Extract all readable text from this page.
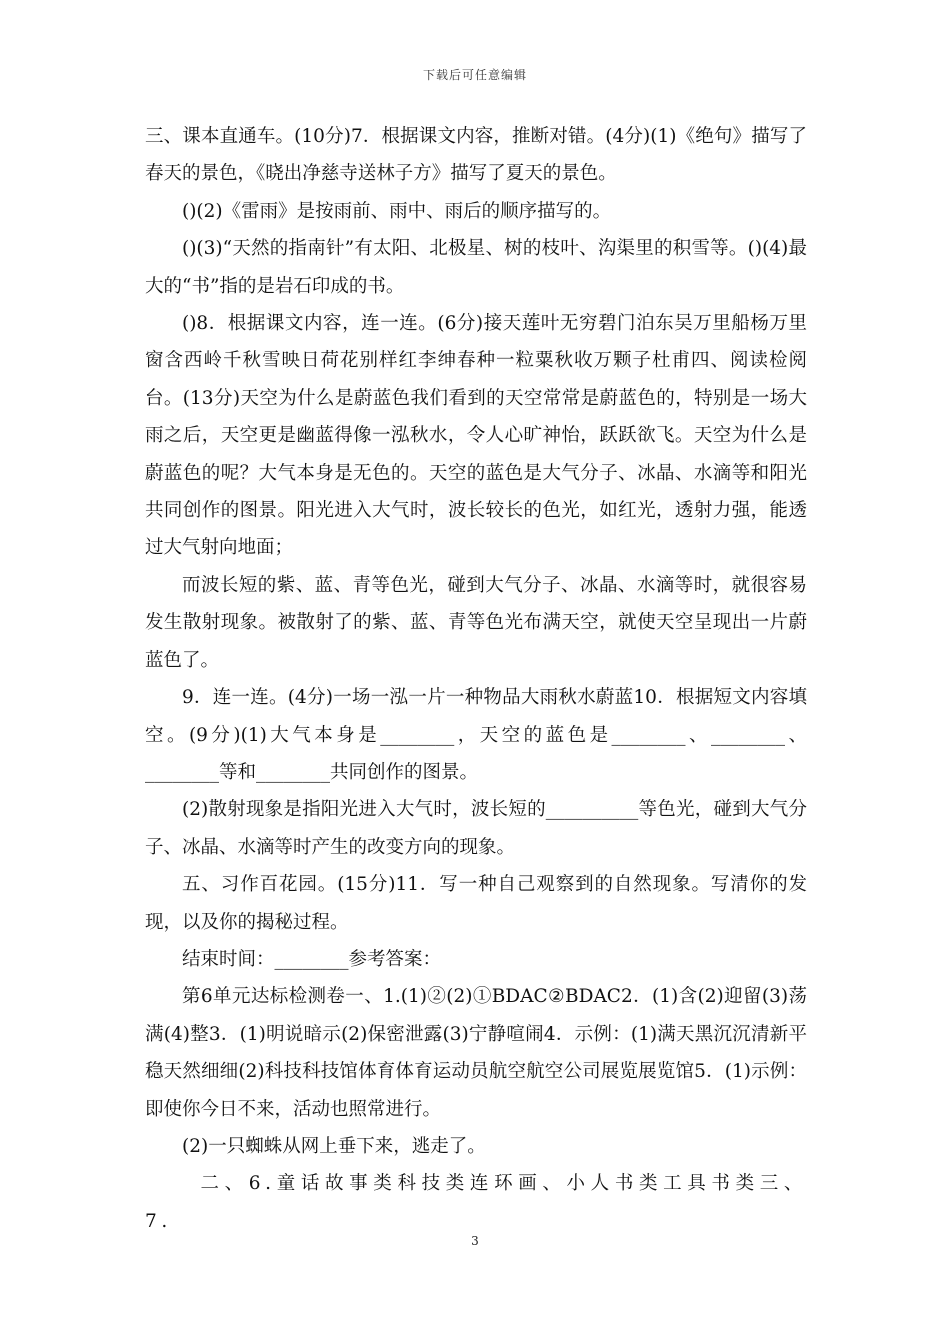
下载后可任意编辑

三、课本直通车。(10分)7．根据课文内容，推断对错。(4分)(1)《绝句》描写了春天的景色，《晓出净慈寺送林子方》描写了夏天的景色。

()(2)《雷雨》是按雨前、雨中、雨后的顺序描写的。

()(3)“天然的指南针”有太阳、北极星、树的枝叶、沟渠里的积雪等。()(4)最大的“书”指的是岩石印成的书。

()8．根据课文内容，连一连。(6分)接天莲叶无穷碧门泊东吴万里船杨万里窗含西岭千秋雪映日荷花别样红李绅春种一粒粟秋收万颗子杜甫四、阅读检阅台。(13分)天空为什么是蔚蓝色我们看到的天空常常是蔚蓝色的，特别是一场大雨之后，天空更是幽蓝得像一泓秋水，令人心旷神怡，跃跃欲飞。天空为什么是蔚蓝色的呢？大气本身是无色的。天空的蓝色是大气分子、冰晶、水滴等和阳光共同创作的图景。阳光进入大气时，波长较长的色光，如红光，透射力强，能透过大气射向地面；

而波长短的紫、蓝、青等色光，碰到大气分子、冰晶、水滴等时，就很容易发生散射现象。被散射了的紫、蓝、青等色光布满天空，就使天空呈现出一片蔚蓝色了。

9．连一连。(4分)一场一泓一片一种物品大雨秋水蔚蓝10．根据短文内容填空。(9分)(1)大气本身是________，天空的蓝色是________、________、________等和________共同创作的图景。

(2)散射现象是指阳光进入大气时，波长短的__________等色光，碰到大气分子、冰晶、水滴等时产生的改变方向的现象。

五、习作百花园。(15分)11．写一种自己观察到的自然现象。写清你的发现，以及你的揭秘过程。

结束时间：________参考答案：

第6单元达标检测卷一、1.(1)②(2)①BDAC②BDAC2．(1)含(2)迎留(3)荡满(4)整3．(1)明说暗示(2)保密泄露(3)宁静喧闹4．示例：(1)满天黑沉沉清新平稳天然细细(2)科技科技馆体育体育运动员航空航空公司展览展览馆5．(1)示例：即使你今日不来，活动也照常进行。

(2)一只蜘蛛从网上垂下来，逃走了。

二、6.童话故事类科技类连环画、小人书类工具书类三、7.

3
